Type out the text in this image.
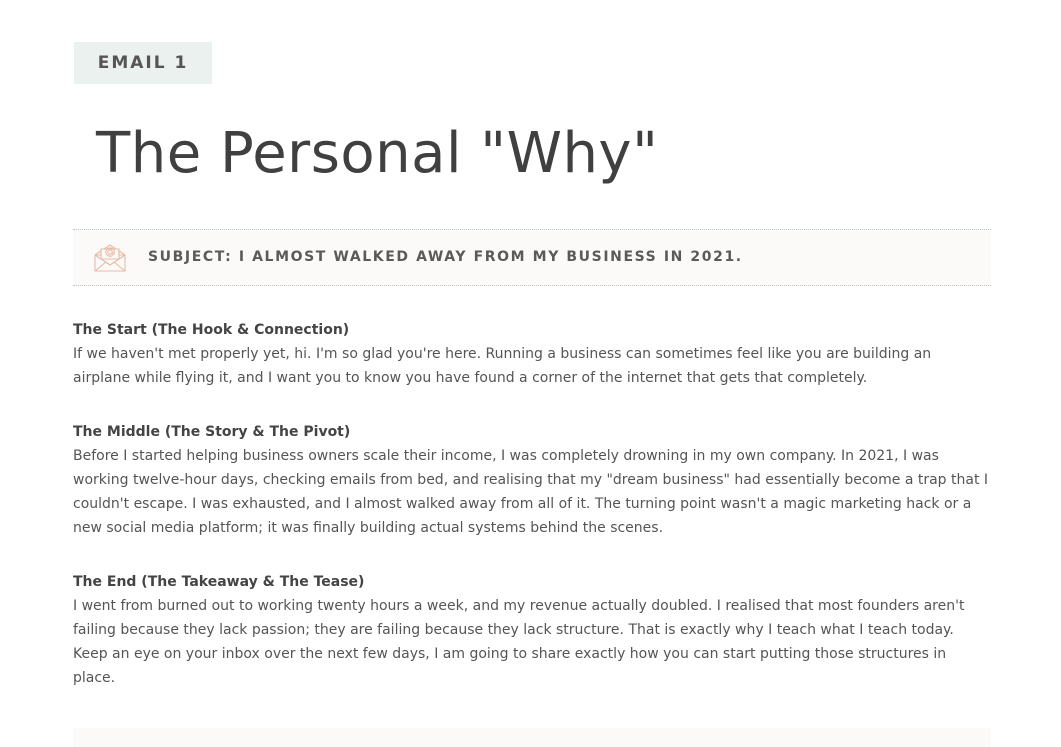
EMAIL 1
The Personal "Why"
SUBJECT: I ALMOST WALKED AWAY FROM MY BUSINESS IN 2021.
The Start (The Hook & Connection)

If we haven't met properly yet, hi. I'm so glad you're here. Running a business can sometimes feel like you are building an airplane while flying it, and I want you to know you have found a corner of the internet that gets that completely.

The Middle (The Story & The Pivot)

Before I started helping business owners scale their income, I was completely drowning in my own company. In 2021, I was working twelve-hour days, checking emails from bed, and realising that my "dream business" had essentially become a trap that I couldn't escape. I was exhausted, and I almost walked away from all of it. The turning point wasn't a magic marketing hack or a new social media platform; it was finally building actual systems behind the scenes.

The End (The Takeaway & The Tease)

I went from burned out to working twenty hours a week, and my revenue actually doubled. I realised that most founders aren't failing because they lack passion; they are failing because they lack structure. That is exactly why I teach what I teach today. Keep an eye on your inbox over the next few days, I am going to share exactly how you can start putting those structures in place.
